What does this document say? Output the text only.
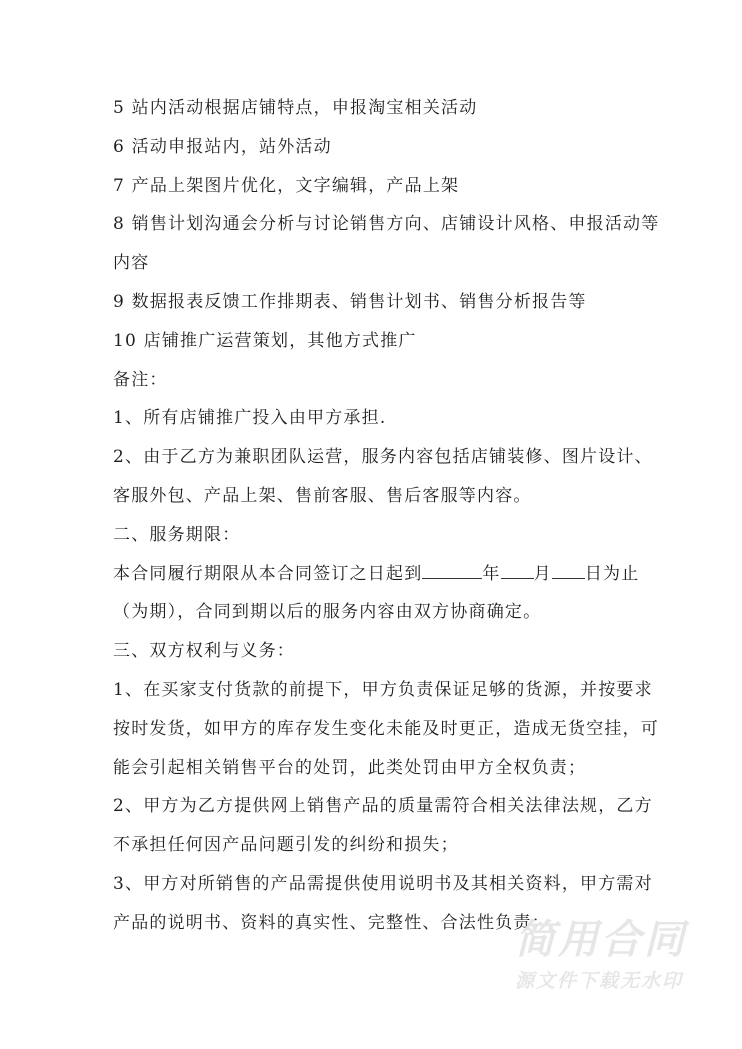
5 站内活动根据店铺特点，申报淘宝相关活动
6 活动申报站内，站外活动
7 产品上架图片优化，文字编辑，产品上架
8 销售计划沟通会分析与讨论销售方向、店铺设计风格、申报活动等
内容
9 数据报表反馈工作排期表、销售计划书、销售分析报告等
10 店铺推广运营策划，其他方式推广
备注：
1、所有店铺推广投入由甲方承担.
2、由于乙方为兼职团队运营，服务内容包括店铺装修、图片设计、
客服外包、产品上架、售前客服、售后客服等内容。
二、服务期限：
本合同履行期限从本合同签订之日起到	年 月 日为止
（为期），合同到期以后的服务内容由双方协商确定。
三、双方权利与义务：
1、在买家支付货款的前提下，甲方负责保证足够的货源，并按要求
按时发货，如甲方的库存发生变化未能及时更正，造成无货空挂，可
能会引起相关销售平台的处罚，此类处罚由甲方全权负责；
2、甲方为乙方提供网上销售产品的质量需符合相关法律法规，乙方
不承担任何因产品问题引发的纠纷和损失；
3、甲方对所销售的产品需提供使用说明书及其相关资料，甲方需对
产品的说明书、资料的真实性、完整性、合法性负责；
简用合同
源文件下载无水印
